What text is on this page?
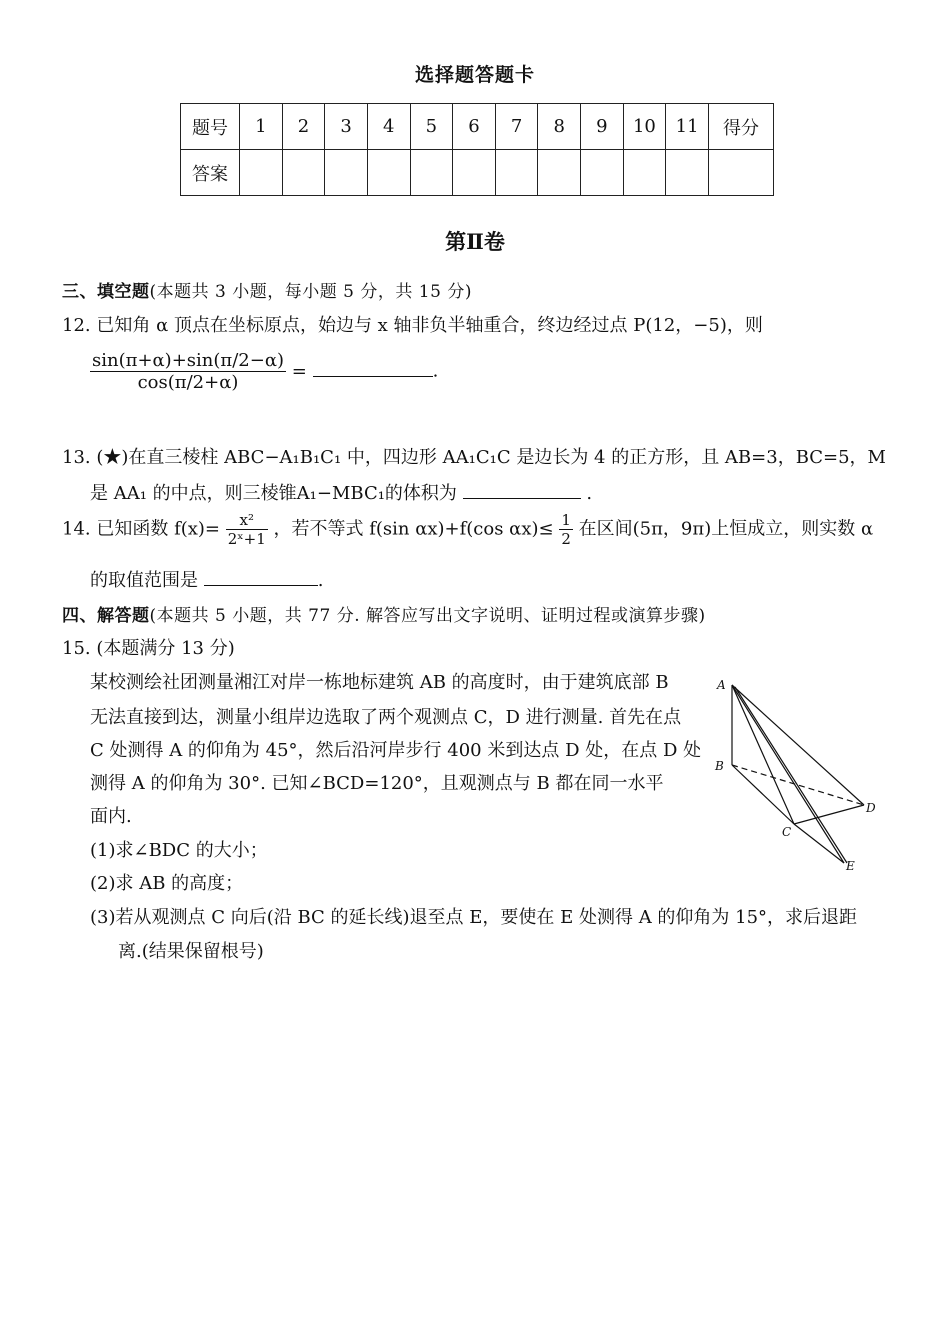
选择题答题卡
题号	1	2	3	4	5	6	7	8	9	10	11	得分
答案												
第Ⅱ卷
三、填空题(本题共 3 小题，每小题 5 分，共 15 分)
12. 已知角 α 顶点在坐标原点，始边与 x 轴非负半轴重合，终边经过点 P(12，−5)，则
$\frac{\sin(\pi+\alpha)+\sin(\pi/2-\alpha)}{\cos(\pi/2+\alpha)}$ =	.
13. (★)在直三棱柱 ABC−A₁B₁C₁ 中，四边形 AA₁C₁C 是边长为 4 的正方形，且 AB=3，BC=5，M
是 AA₁ 的中点，则三棱锥A₁−MBC₁的体积为	.
14. 已知函数 $f(x)= \frac{\text{x²}}{\text{2ˣ+1}}$ ，若不等式 f(sin αx)+f(cos $\alpha x)\le \frac{1}{2}$ 在区间(5π，9π)上恒成立，则实数 α
的取值范围是	.
四、解答题(本题共 5 小题，共 77 分. 解答应写出文字说明、证明过程或演算步骤)
15. (本题满分 13 分)
某校测绘社团测量湘江对岸一栋地标建筑 AB 的高度时，由于建筑底部 B
无法直接到达，测量小组岸边选取了两个观测点 C，D 进行测量. 首先在点
C 处测得 A 的仰角为 45°，然后沿河岸步行 400 米到达点 D 处，在点 D 处
测得 A 的仰角为 30°. 已知∠BCD=120°，且观测点与 B 都在同一水平
面内.
(1)求∠BDC 的大小；
(2)求 AB 的高度；
(3)若从观测点 C 向后(沿 BC 的延长线)退至点 E，要使在 E 处测得 A 的仰角为 15°，求后退距
离.(结果保留根号)
A
B
C
D
E
